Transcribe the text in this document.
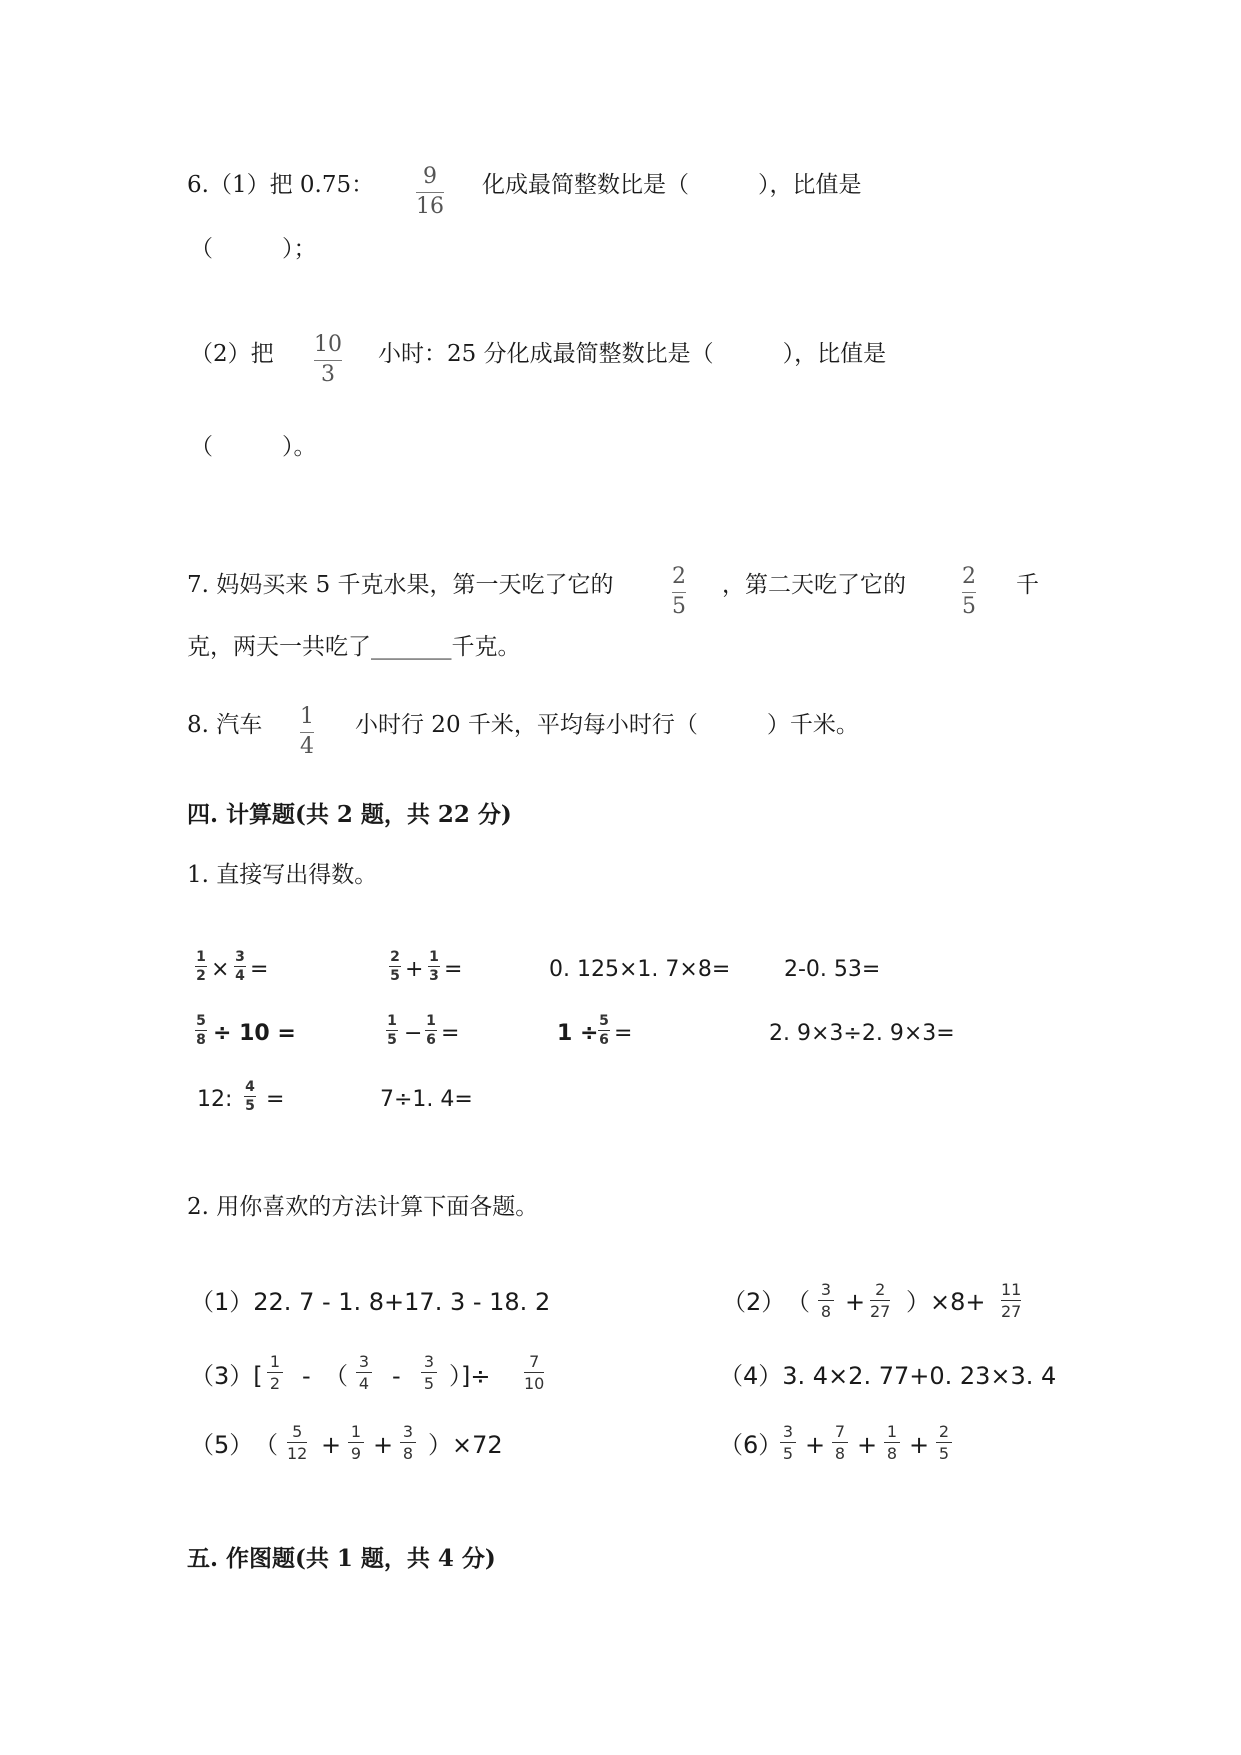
6.（1）把 0.75： 9
16
化成最简整数比是（　　　），比值是
（　　　）；
（2）把 10
3
小时：25 分化成最简整数比是（　　　），比值是
（　　　）。
7. 妈妈买来 5 千克水果，第一天吃了它的	2
5
，第二天吃了它的	2
5
千
克，两天一共吃了_______千克。
8. 汽车 1
4
小时行 20 千米，平均每小时行（　　　）千米。
四. 计算题(共 2 题，共 22 分)
1. 直接写出得数。
1
2 × 3
4 =	2
5 + 1
3 =	0. 125×1. 7×8= 2-0. 53=
5
8 ÷ 10 =	1
5 − 1
6 =	1 ÷ 5
6 =	2. 9×3÷2. 9×3=
12: 4
5 =	7÷1. 4=
2. 用你喜欢的方法计算下面各题。
（1）22. 7 - 1. 8+17. 3 - 18. 2	（2） （ 3
8 + 2
27 ）×8+ 11
27
（3）[
1
2 - （
3
4 -
3
5 ）]÷
7
10	（4）3. 4×2. 77+0. 23×3. 4
（5） （ 5
12 + 1
9 + 3
8 ）×72	（6） 3
5 + 7
8 + 1
8 + 2
5
五. 作图题(共 1 题，共 4 分)
